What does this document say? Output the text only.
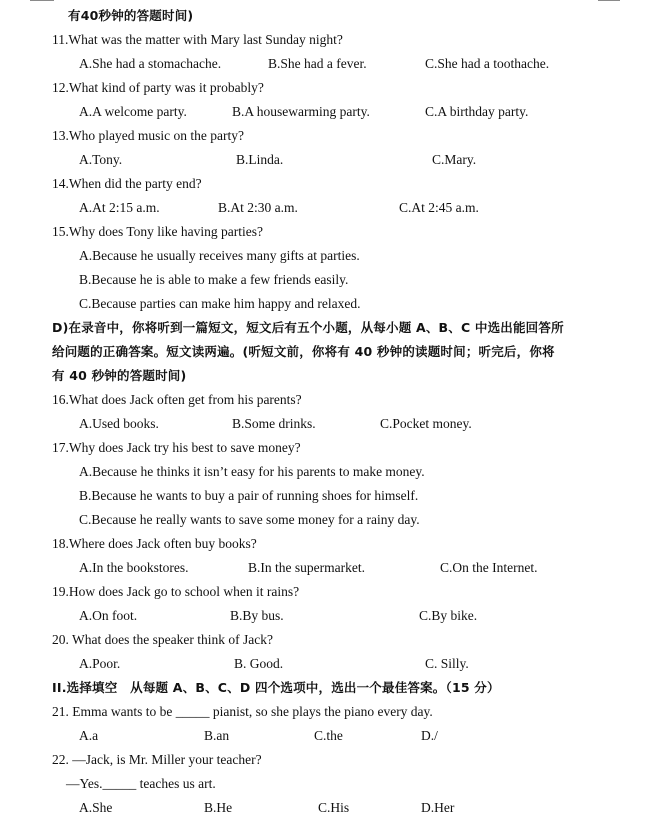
有40秒钟的答题时间)
11.What was the matter with Mary last Sunday night?
A.She had a stomachache.	B.She had a fever.	C.She had a toothache.
12.What kind of party was it probably?
A.A welcome party.	B.A housewarming party.	C.A birthday party.
13.Who played music on the party?
A.Tony.	B.Linda.	C.Mary.
14.When did the party end?
A.At 2:15 a.m.	B.At 2:30 a.m.	C.At 2:45 a.m.
15.Why does Tony like having parties?
A.Because he usually receives many gifts at parties.
B.Because he is able to make a few friends easily.
C.Because parties can make him happy and relaxed.
D)在录音中，你将听到一篇短文，短文后有五个小题，从每小题 A、B、C 中选出能回答所
给问题的正确答案。短文读两遍。(听短文前，你将有 40 秒钟的读题时间；听完后，你将
有 40 秒钟的答题时间)
16.What does Jack often get from his parents?
A.Used books.	B.Some drinks.	C.Pocket money.
17.Why does Jack try his best to save money?
A.Because he thinks it isn’t easy for his parents to make money.
B.Because he wants to buy a pair of running shoes for himself.
C.Because he really wants to save some money for a rainy day.
18.Where does Jack often buy books?
A.In the bookstores.	B.In the supermarket.	C.On the Internet.
19.How does Jack go to school when it rains?
A.On foot.	B.By bus.	C.By bike.
20. What does the speaker think of Jack?
A.Poor.	B. Good.	C. Silly.
II.选择填空　从每题 A、B、C、D 四个选项中，选出一个最佳答案。（15 分）
21. Emma wants to be _____ pianist, so she plays the piano every day.
A.a	B.an	C.the	D./
22. —Jack, is Mr. Miller your teacher?
—Yes._____ teaches us art.
A.She	B.He	C.His	D.Her
